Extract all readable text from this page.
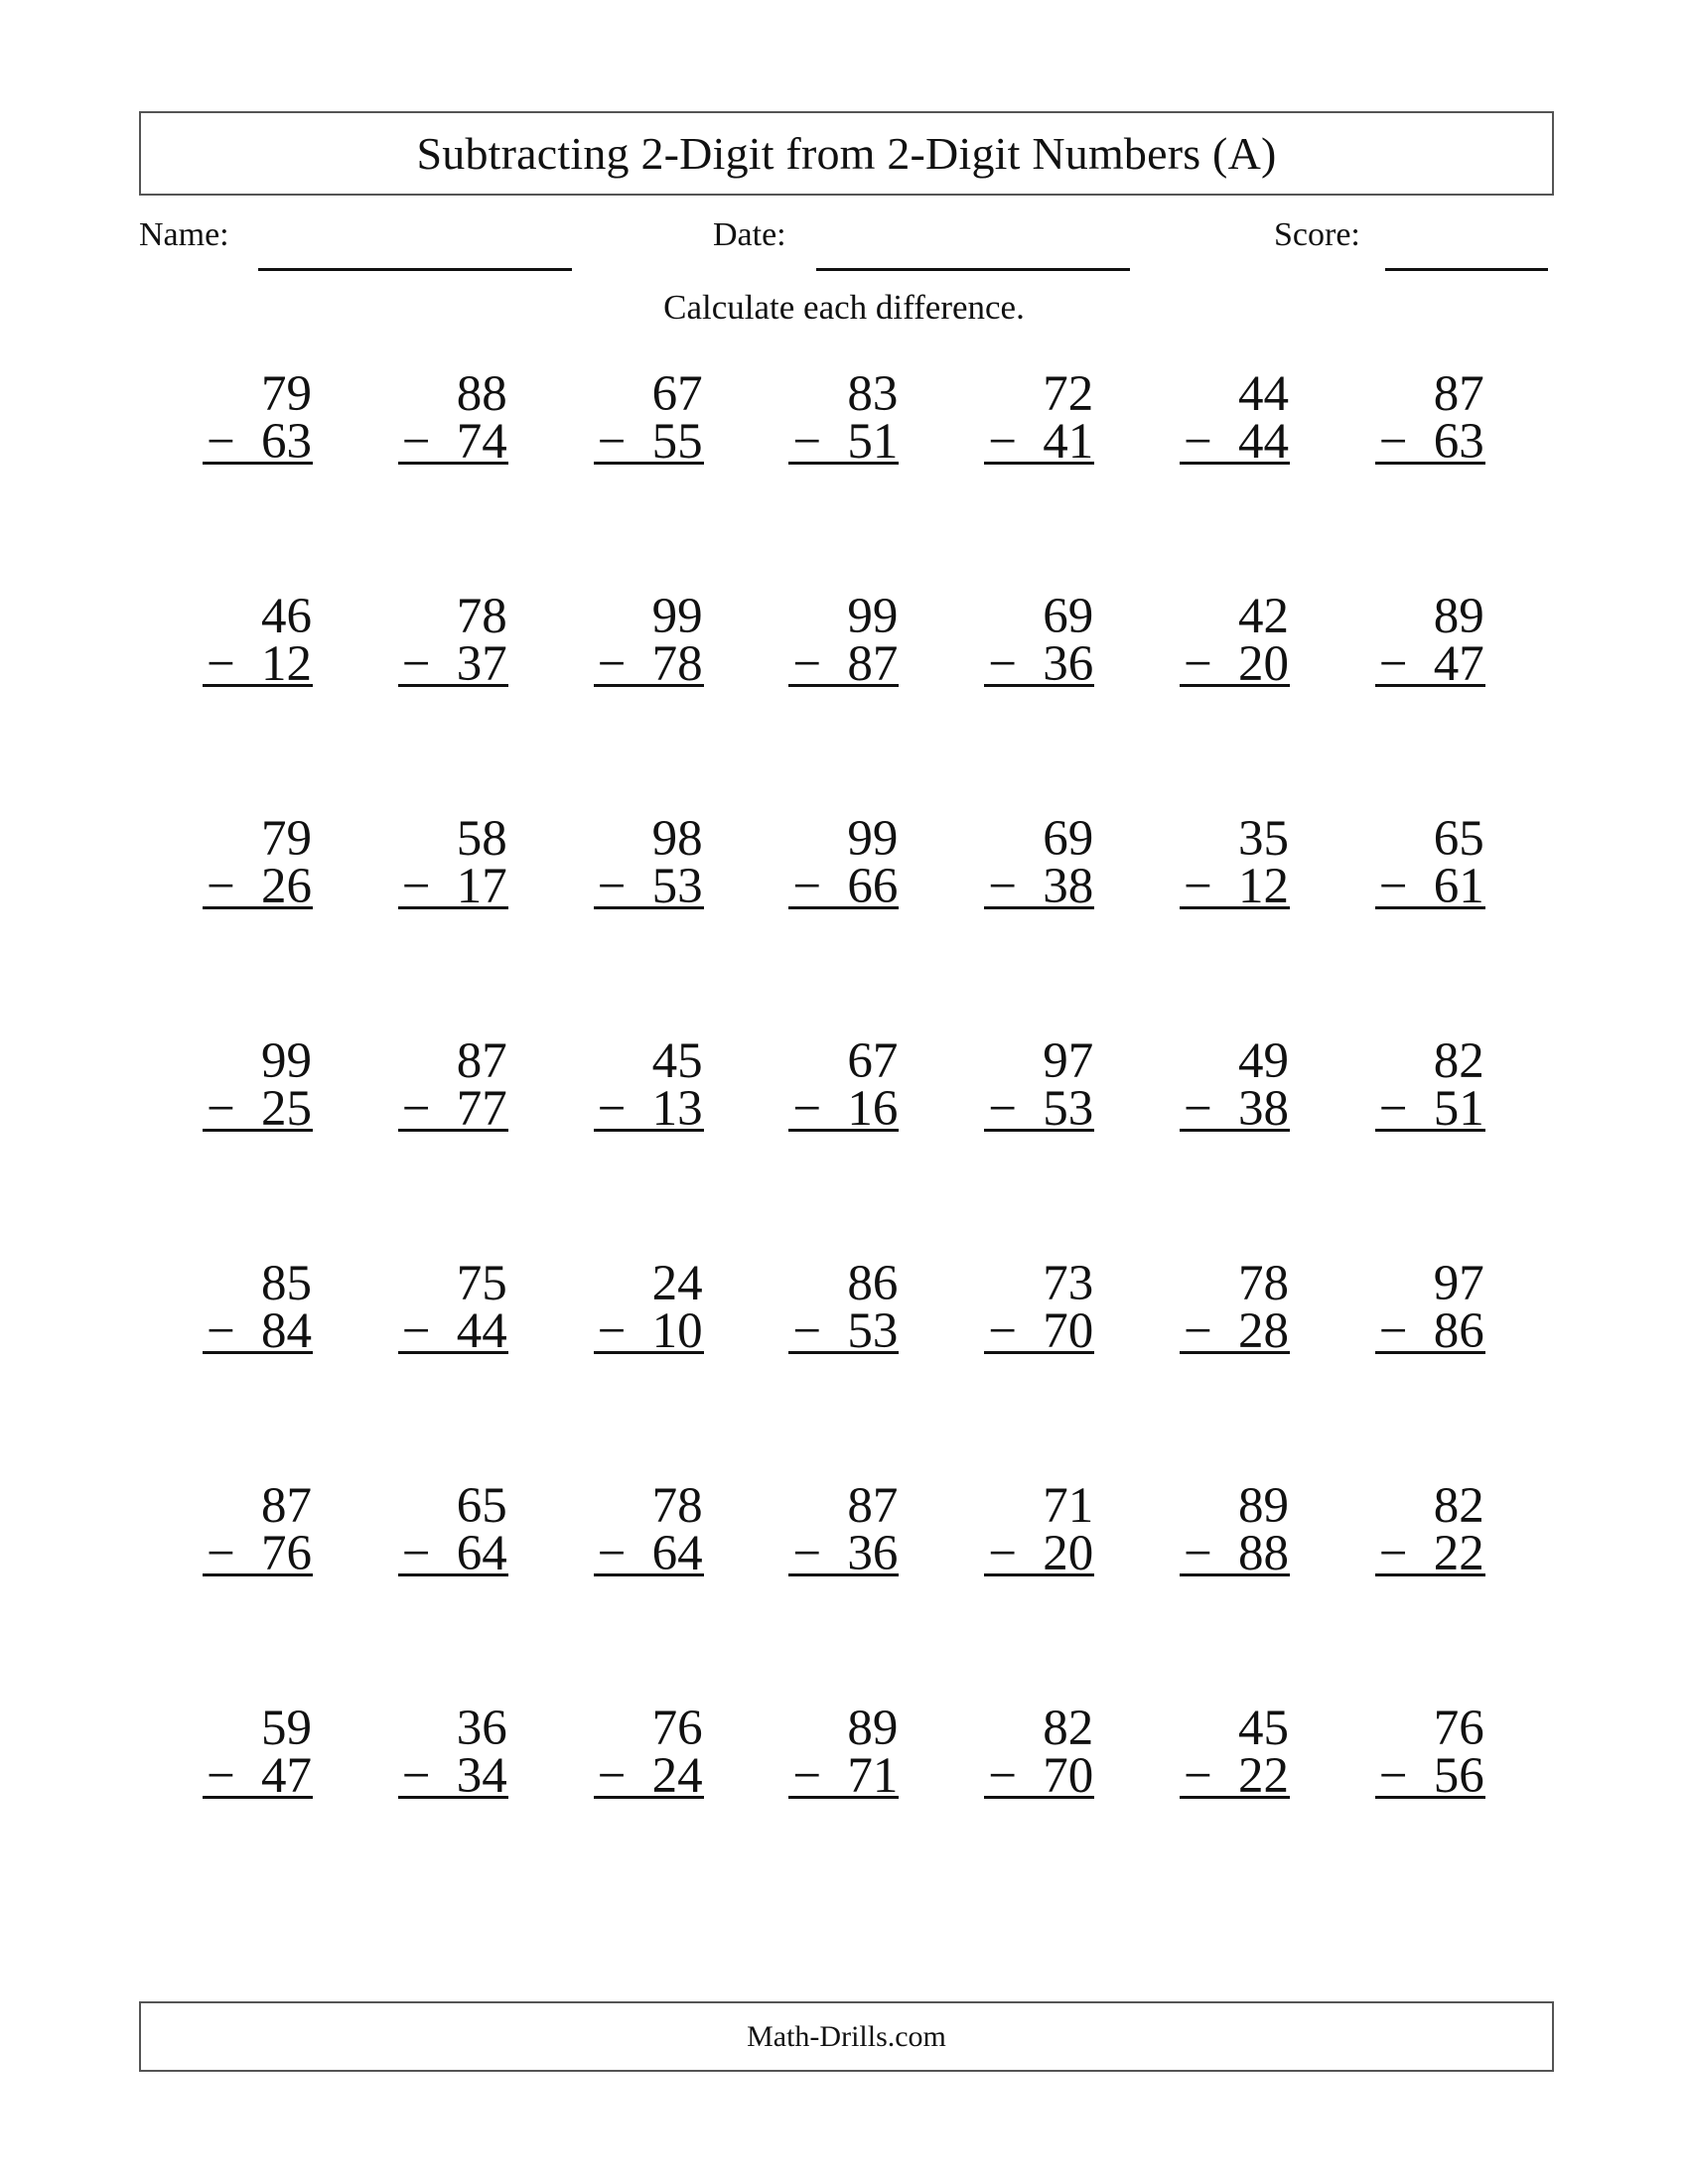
Subtracting 2-Digit from 2-Digit Numbers (A)
Name:	Date:	Score:
Calculate each difference.
79
− 63
88
− 74
67
− 55
83
− 51
72
− 41
44
− 44
87
− 63
46
− 12
78
− 37
99
− 78
99
− 87
69
− 36
42
− 20
89
− 47
79
− 26
58
− 17
98
− 53
99
− 66
69
− 38
35
− 12
65
− 61
99
− 25
87
− 77
45
− 13
67
− 16
97
− 53
49
− 38
82
− 51
85
− 84
75
− 44
24
− 10
86
− 53
73
− 70
78
− 28
97
− 86
87
− 76
65
− 64
78
− 64
87
− 36
71
− 20
89
− 88
82
− 22
59
− 47
36
− 34
76
− 24
89
− 71
82
− 70
45
− 22
76
− 56
Math-Drills.com
